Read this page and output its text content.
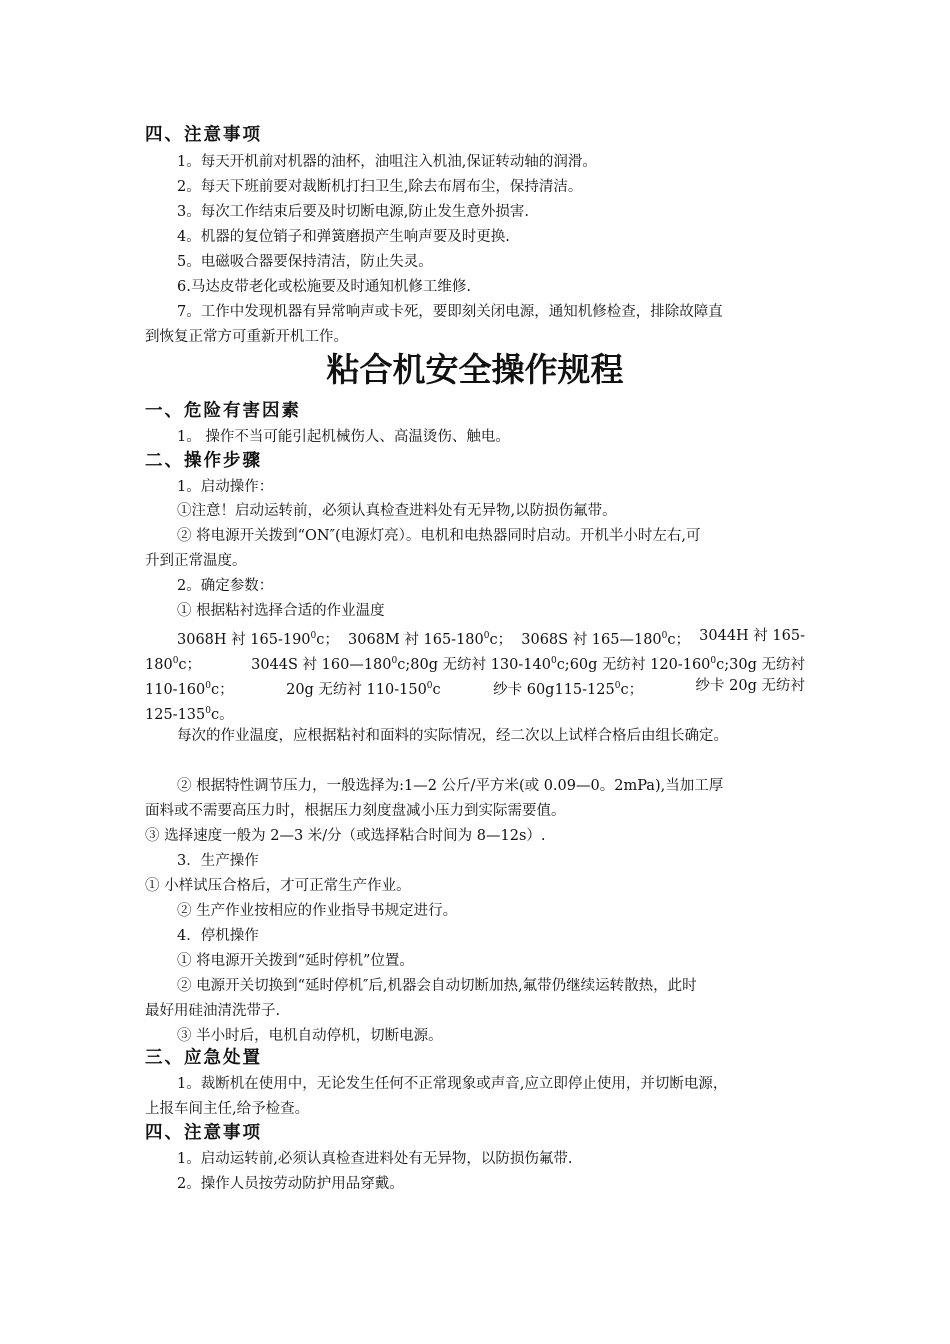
四、注意事项
1。每天开机前对机器的油杯，油咀注入机油,保证转动轴的润滑。
2。每天下班前要对裁断机打扫卫生,除去布屑布尘，保持清洁。
3。每次工作结束后要及时切断电源,防止发生意外损害.
4。机器的复位销子和弹簧磨损产生响声要及时更换.
5。电磁吸合器要保持清洁，防止失灵。
6.马达皮带老化或松施要及时通知机修工维修.
7。工作中发现机器有异常响声或卡死，要即刻关闭电源，通知机修检查，排除故障直
到恢复正常方可重新开机工作。
粘合机安全操作规程
一、危险有害因素
1。 操作不当可能引起机械伤人、高温烫伤、触电。
二、操作步骤
1。启动操作：
①注意！启动运转前，必须认真检查进料处有无异物,以防损伤氟带。
② 将电源开关拨到“ON″(电源灯亮）。电机和电热器同时启动。开机半小时左右,可
升到正常温度。
2。确定参数：
① 根据粘衬选择合适的作业温度
3068H 衬 $165-190^0c$； 3068M 衬 $165-180^0c$； 3068S 衬 $165—180^0c$； 3044H 衬 165-
$180^0c$；	3044S 衬 $160—180^0c;80g$ 无纺衬 $130-140^0c;60g$ 无纺衬 $120-160^0c;30g$ 无纺衬
$110-160^0c$；	20g 无纺衬 $110-150^0c$	纱卡 $60g115-125^0c$；	纱卡 20g 无纺衬
$125-135^0c$。
每次的作业温度，应根据粘衬和面料的实际情况，经二次以上试样合格后由组长确定。
② 根据特性调节压力，一般选择为:1—2 公斤/平方米(或 0.09—0。2mPa),当加工厚
面料或不需要高压力时，根据压力刻度盘减小压力到实际需要值。
③ 选择速度一般为 2—3 米/分（或选择粘合时间为 8—12s）.
3．生产操作
① 小样试压合格后，才可正常生产作业。
② 生产作业按相应的作业指导书规定进行。
4．停机操作
① 将电源开关拨到“延时停机”位置。
② 电源开关切换到“延时停机″后,机器会自动切断加热,氟带仍继续运转散热，此时
最好用硅油清洗带子.
③ 半小时后，电机自动停机，切断电源。
三、应急处置
1。裁断机在使用中，无论发生任何不正常现象或声音,应立即停止使用，并切断电源，
上报车间主任,给予检查。
四、注意事项
1。启动运转前,必须认真检查进料处有无异物，以防损伤氟带.
2。操作人员按劳动防护用品穿戴。
